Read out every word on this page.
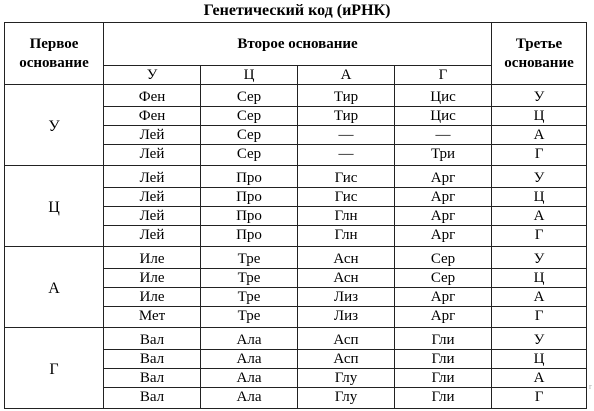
Генетический код (иРНК)
Первое основание	Второе основание				Третье основание
	У	Ц	А	Г	
У	Фен	Сер	Тир	Цис	У
	Фен	Сер	Тир	Цис	Ц
	Лей	Сер	—	—	А
	Лей	Сер	—	Три	Г
Ц	Лей	Про	Гис	Арг	У
	Лей	Про	Гис	Арг	Ц
	Лей	Про	Глн	Арг	А
	Лей	Про	Глн	Арг	Г
А	Иле	Тре	Асн	Сер	У
	Иле	Тре	Асн	Сер	Ц
	Иле	Тре	Лиз	Арг	А
	Мет	Тре	Лиз	Арг	Г
Г	Вал	Ала	Асп	Гли	У
	Вал	Ала	Асп	Гли	Ц
	Вал	Ала	Глу	Гли	А
	Вал	Ала	Глу	Гли	Г
r
